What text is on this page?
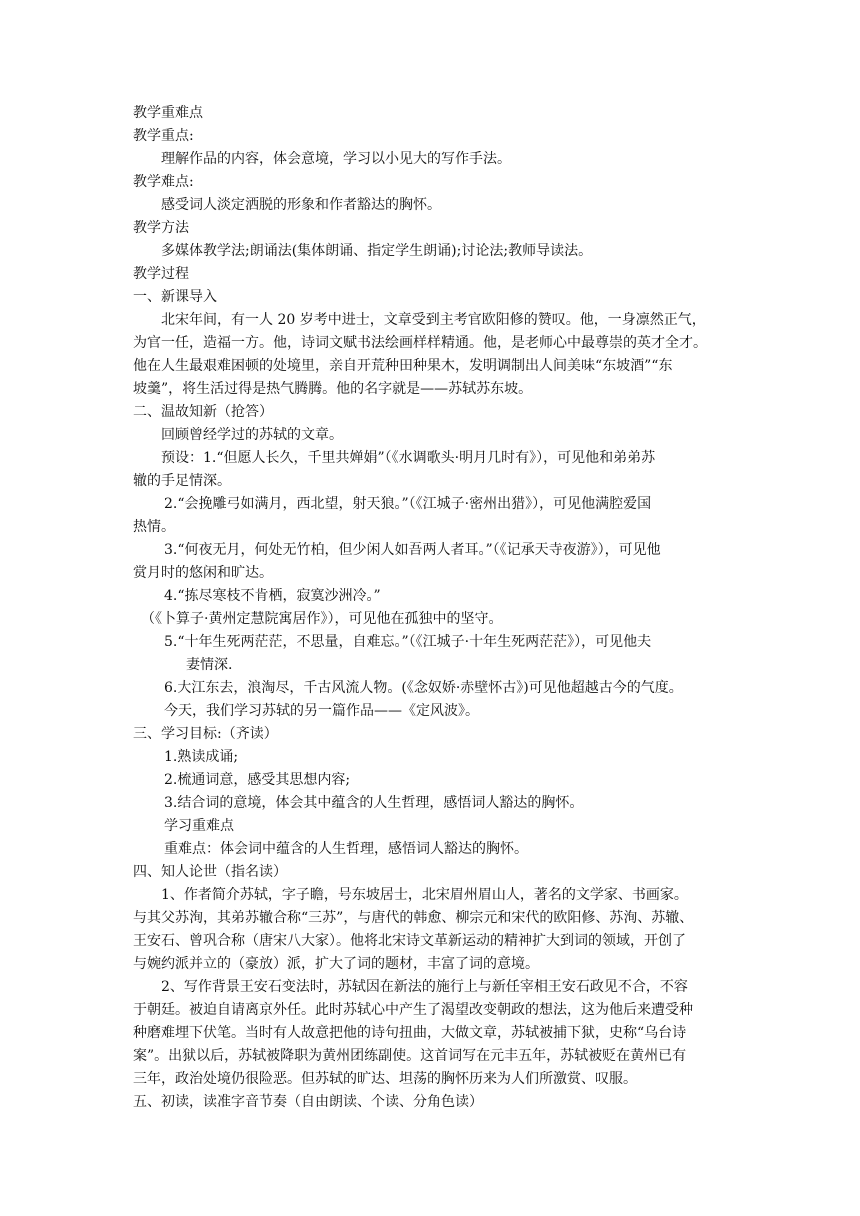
教学重难点
教学重点:
理解作品的内容，体会意境，学习以小见大的写作手法。
教学难点:
感受词人淡定洒脱的形象和作者豁达的胸怀。
教学方法
多媒体教学法;朗诵法(集体朗诵、指定学生朗诵);讨论法;教师导读法。
教学过程
一、新课导入
北宋年间，有一人 20 岁考中进士，文章受到主考官欧阳修的赞叹。他，一身凛然正气，
为官一任，造福一方。他，诗词文赋书法绘画样样精通。他，是老师心中最尊崇的英才全才。
他在人生最艰难困顿的处境里，亲自开荒种田种果木，发明调制出人间美味“东坡酒”“东
坡羹”，将生活过得是热气腾腾。他的名字就是——苏轼苏东坡。
二、温故知新（抢答）
回顾曾经学过的苏轼的文章。
预设：1.“但愿人长久，千里共婵娟”（《水调歌头·明月几时有》），可见他和弟弟苏
辙的手足情深。
2.“会挽雕弓如满月，西北望，射天狼。”（《江城子·密州出猎》），可见他满腔爱国
热情。
3.“何夜无月，何处无竹柏，但少闲人如吾两人者耳。”（《记承天寺夜游》），可见他
赏月时的悠闲和旷达。
4.“拣尽寒枝不肯栖，寂寞沙洲冷。”
（《卜算子·黄州定慧院寓居作》），可见他在孤独中的坚守。
5.“十年生死两茫茫，不思量，自难忘。”（《江城子·十年生死两茫茫》），可见他夫
妻情深.
6.大江东去，浪淘尽，千古风流人物。(《念奴娇·赤壁怀古》)可见他超越古今的气度。
今天，我们学习苏轼的另一篇作品——《定风波》。
三、学习目标:（齐读）
1.熟读成诵;
2.梳通词意，感受其思想内容;
3.结合词的意境，体会其中蕴含的人生哲理，感悟词人豁达的胸怀。
学习重难点
重难点：体会词中蕴含的人生哲理，感悟词人豁达的胸怀。
四、知人论世（指名读）
1、作者简介苏轼，字子瞻，号东坡居士，北宋眉州眉山人，著名的文学家、书画家。
与其父苏洵，其弟苏辙合称“三苏”，与唐代的韩愈、柳宗元和宋代的欧阳修、苏洵、苏辙、
王安石、曾巩合称（唐宋八大家）。他将北宋诗文革新运动的精神扩大到词的领域，开创了
与婉约派并立的（豪放）派，扩大了词的题材，丰富了词的意境。
2、写作背景王安石变法时，苏轼因在新法的施行上与新任宰相王安石政见不合，不容
于朝廷。被迫自请离京外任。此时苏轼心中产生了渴望改变朝政的想法，这为他后来遭受种
种磨难埋下伏笔。当时有人故意把他的诗句扭曲，大做文章，苏轼被捕下狱，史称“乌台诗
案”。出狱以后，苏轼被降职为黄州团练副使。这首词写在元丰五年，苏轼被贬在黄州已有
三年，政治处境仍很险恶。但苏轼的旷达、坦荡的胸怀历来为人们所激赏、叹服。
五、初读，读准字音节奏（自由朗读、个读、分角色读）
